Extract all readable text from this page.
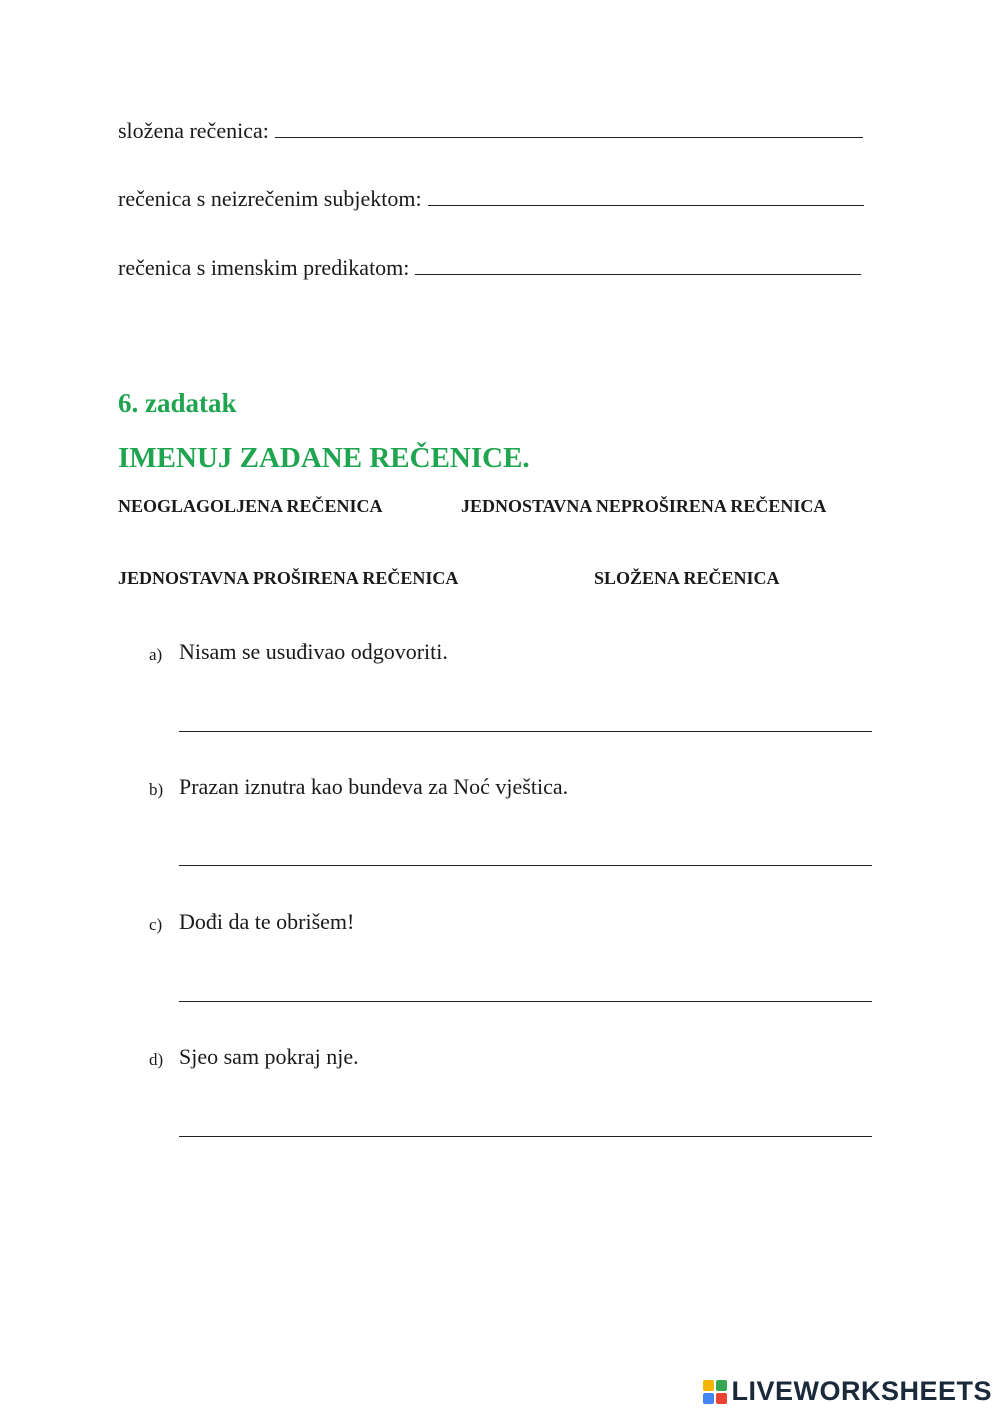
složena rečenica:
rečenica s neizrečenim subjektom:
rečenica s imenskim predikatom:
6. zadatak
IMENUJ ZADANE REČENICE.
NEOGLAGOLJENA REČENICA	JEDNOSTAVNA NEPROŠIRENA REČENICA
JEDNOSTAVNA PROŠIRENA REČENICA	SLOŽENA REČENICA
a) Nisam se usuđivao odgovoriti.
b) Prazan iznutra kao bundeva za Noć vještica.
c) Dođi da te obrišem!
d) Sjeo sam pokraj nje.
LIVEWORKSHEETS
